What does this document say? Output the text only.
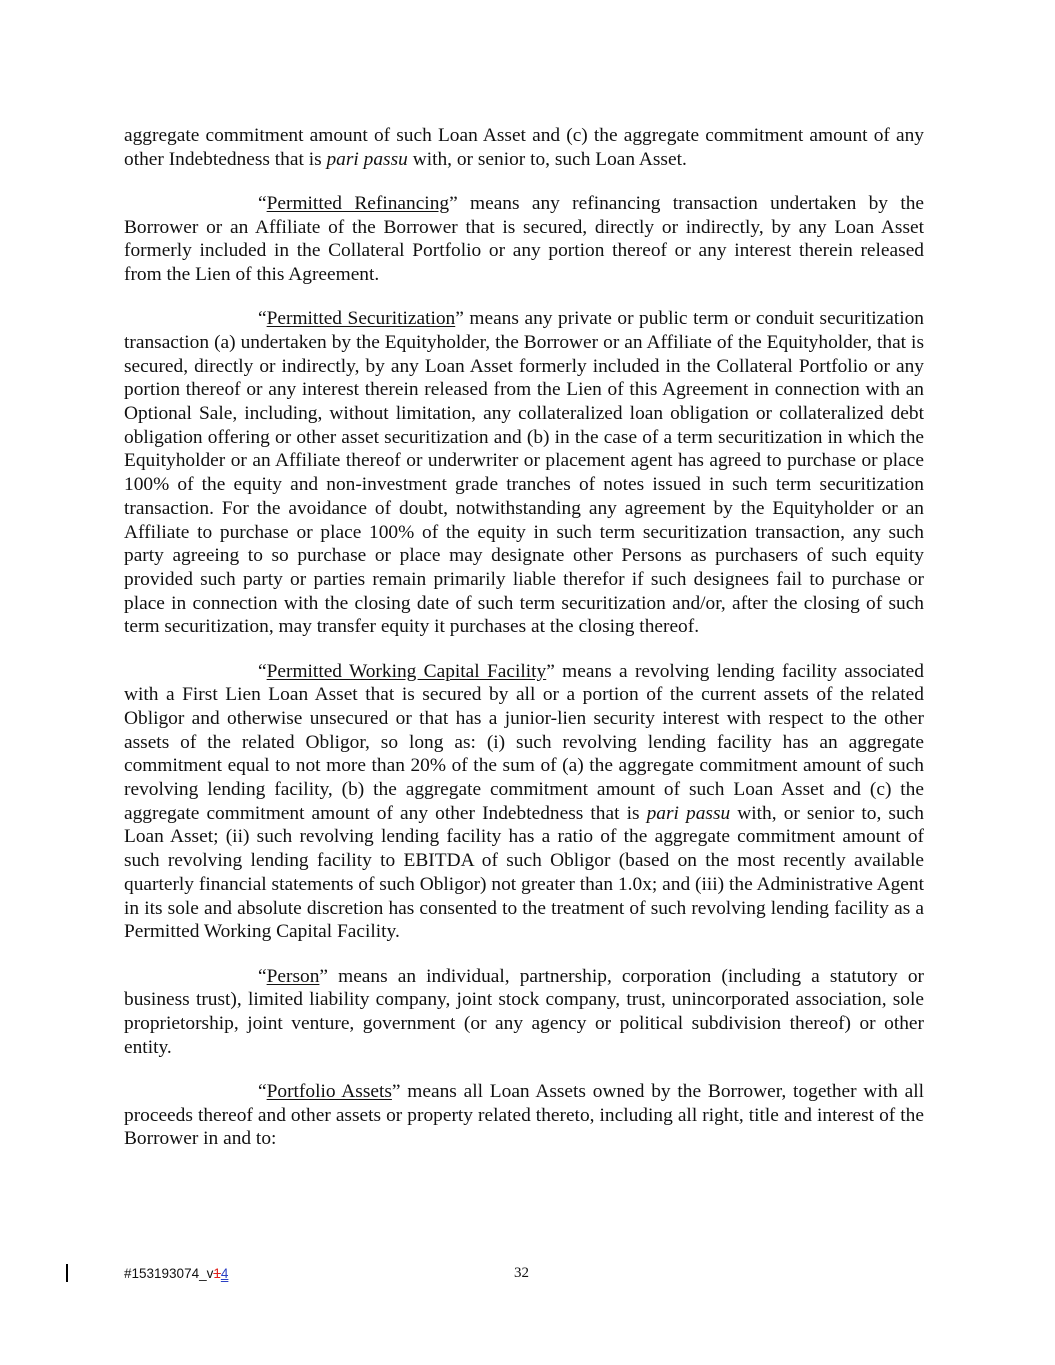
aggregate commitment amount of such Loan Asset and (c) the aggregate commitment amount of any other Indebtedness that is pari passu with, or senior to, such Loan Asset.

“Permitted Refinancing” means any refinancing transaction undertaken by the Borrower or an Affiliate of the Borrower that is secured, directly or indirectly, by any Loan Asset formerly included in the Collateral Portfolio or any portion thereof or any interest therein released from the Lien of this Agreement.

“Permitted Securitization” means any private or public term or conduit securitization transaction (a) undertaken by the Equityholder, the Borrower or an Affiliate of the Equityholder, that is secured, directly or indirectly, by any Loan Asset formerly included in the Collateral Portfolio or any portion thereof or any interest therein released from the Lien of this Agreement in connection with an Optional Sale, including, without limitation, any collateralized loan obligation or collateralized debt obligation offering or other asset securitization and (b) in the case of a term securitization in which the Equityholder or an Affiliate thereof or underwriter or placement agent has agreed to purchase or place 100% of the equity and non-investment grade tranches of notes issued in such term securitization transaction. For the avoidance of doubt, notwithstanding any agreement by the Equityholder or an Affiliate to purchase or place 100% of the equity in such term securitization transaction, any such party agreeing to so purchase or place may designate other Persons as purchasers of such equity provided such party or parties remain primarily liable therefor if such designees fail to purchase or place in connection with the closing date of such term securitization and/or, after the closing of such term securitization, may transfer equity it purchases at the closing thereof.

“Permitted Working Capital Facility” means a revolving lending facility associated with a First Lien Loan Asset that is secured by all or a portion of the current assets of the related Obligor and otherwise unsecured or that has a junior-lien security interest with respect to the other assets of the related Obligor, so long as: (i) such revolving lending facility has an aggregate commitment equal to not more than 20% of the sum of (a) the aggregate commitment amount of such revolving lending facility, (b) the aggregate commitment amount of such Loan Asset and (c) the aggregate commitment amount of any other Indebtedness that is pari passu with, or senior to, such Loan Asset; (ii) such revolving lending facility has a ratio of the aggregate commitment amount of such revolving lending facility to EBITDA of such Obligor (based on the most recently available quarterly financial statements of such Obligor) not greater than 1.0x; and (iii) the Administrative Agent in its sole and absolute discretion has consented to the treatment of such revolving lending facility as a Permitted Working Capital Facility.

“Person” means an individual, partnership, corporation (including a statutory or business trust), limited liability company, joint stock company, trust, unincorporated association, sole proprietorship, joint venture, government (or any agency or political subdivision thereof) or other entity.

“Portfolio Assets” means all Loan Assets owned by the Borrower, together with all proceeds thereof and other assets or property related thereto, including all right, title and interest of the Borrower in and to:

#153193074_v14	32
